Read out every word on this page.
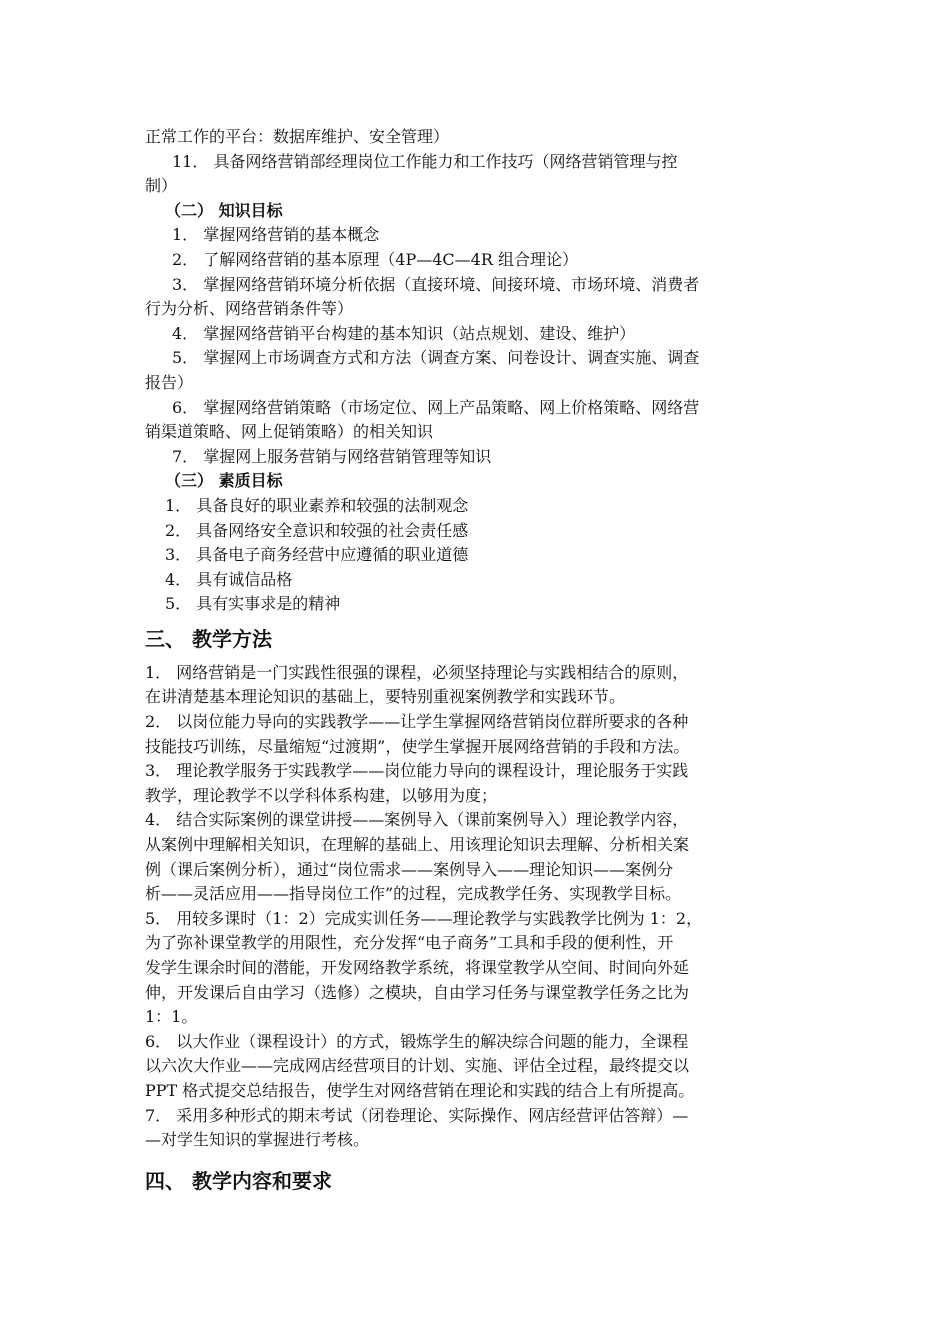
正常工作的平台：数据库维护、安全管理）
11． 具备网络营销部经理岗位工作能力和工作技巧（网络营销管理与控
制）
（二） 知识目标
1． 掌握网络营销的基本概念
2． 了解网络营销的基本原理（4P—4C—4R 组合理论）
3． 掌握网络营销环境分析依据（直接环境、间接环境、市场环境、消费者
行为分析、网络营销条件等）
4． 掌握网络营销平台构建的基本知识（站点规划、建设、维护）
5． 掌握网上市场调查方式和方法（调查方案、问卷设计、调查实施、调查
报告）
6． 掌握网络营销策略（市场定位、网上产品策略、网上价格策略、网络营
销渠道策略、网上促销策略）的相关知识
7． 掌握网上服务营销与网络营销管理等知识
（三） 素质目标
1． 具备良好的职业素养和较强的法制观念
2． 具备网络安全意识和较强的社会责任感
3． 具备电子商务经营中应遵循的职业道德
4． 具有诚信品格
5． 具有实事求是的精神
三、 教学方法
1． 网络营销是一门实践性很强的课程，必须坚持理论与实践相结合的原则，
在讲清楚基本理论知识的基础上，要特别重视案例教学和实践环节。
2． 以岗位能力导向的实践教学——让学生掌握网络营销岗位群所要求的各种
技能技巧训练，尽量缩短“过渡期”，使学生掌握开展网络营销的手段和方法。
3． 理论教学服务于实践教学——岗位能力导向的课程设计，理论服务于实践
教学，理论教学不以学科体系构建，以够用为度；
4． 结合实际案例的课堂讲授——案例导入（课前案例导入）理论教学内容，
从案例中理解相关知识，在理解的基础上、用该理论知识去理解、分析相关案
例（课后案例分析），通过“岗位需求——案例导入——理论知识——案例分
析——灵活应用——指导岗位工作”的过程，完成教学任务、实现教学目标。
5． 用较多课时（1：2）完成实训任务——理论教学与实践教学比例为 1：2，
为了弥补课堂教学的用限性，充分发挥“电子商务”工具和手段的便利性，开
发学生课余时间的潜能，开发网络教学系统，将课堂教学从空间、时间向外延
伸，开发课后自由学习（选修）之模块，自由学习任务与课堂教学任务之比为
1：1。
6． 以大作业（课程设计）的方式，锻炼学生的解决综合问题的能力，全课程
以六次大作业——完成网店经营项目的计划、实施、评估全过程，最终提交以
PPT 格式提交总结报告，使学生对网络营销在理论和实践的结合上有所提高。
7． 采用多种形式的期末考试（闭卷理论、实际操作、网店经营评估答辩）—
—对学生知识的掌握进行考核。
四、 教学内容和要求
